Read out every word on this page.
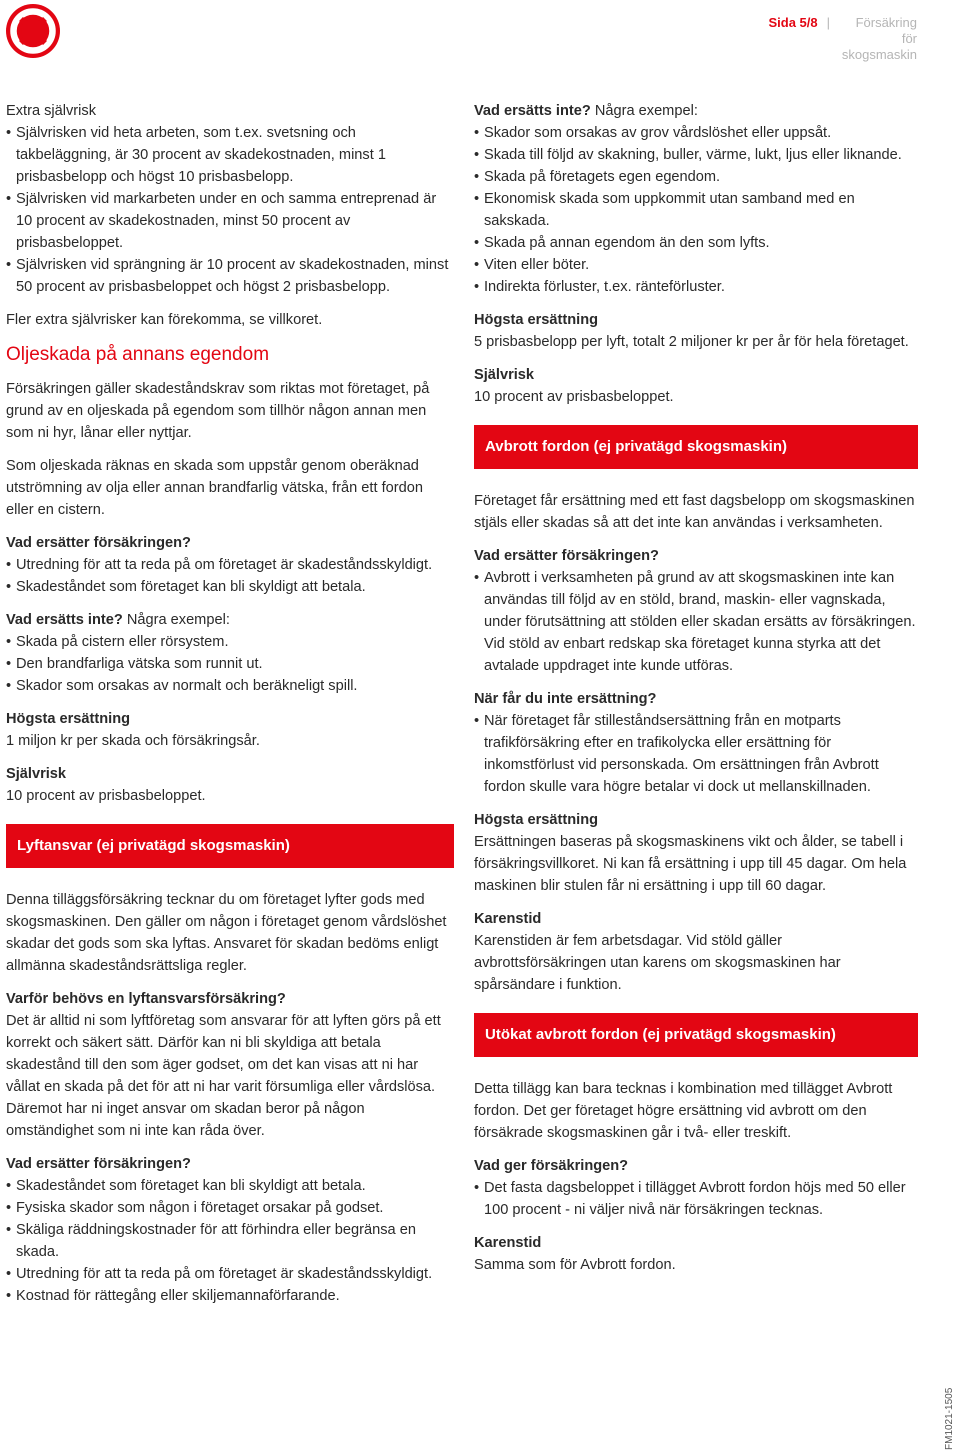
Sida 5/8 |	Försäkring för skogsmaskin

Extra självrisk

• Självrisken vid heta arbeten, som t.ex. svetsning och takbeläggning, är 30 procent av skadekostnaden, minst 1 prisbasbelopp och högst 10 prisbasbelopp.
• Självrisken vid markarbeten under en och samma entreprenad är 10 procent av skadekostnaden, minst 50 procent av prisbasbeloppet.
• Självrisken vid sprängning är 10 procent av skadekostnaden, minst 50 procent av prisbasbeloppet och högst 2 prisbasbelopp.

Fler extra självrisker kan förekomma, se villkoret.

Oljeskada på annans egendom

Försäkringen gäller skadeståndskrav som riktas mot företaget, på grund av en oljeskada på egendom som tillhör någon annan men som ni hyr, lånar eller nyttjar.

Som oljeskada räknas en skada som uppstår genom oberäknad utströmning av olja eller annan brandfarlig vätska, från ett fordon eller en cistern.

Vad ersätter försäkringen?

• Utredning för att ta reda på om företaget är skadeståndsskyldigt.
• Skadeståndet som företaget kan bli skyldigt att betala.

Vad ersätts inte? Några exempel:

• Skada på cistern eller rörsystem.
• Den brandfarliga vätska som runnit ut.
• Skador som orsakas av normalt och beräkneligt spill.

Högsta ersättning

1 miljon kr per skada och försäkringsår.

Självrisk

10 procent av prisbasbeloppet.

Lyftansvar (ej privatägd skogsmaskin)

Denna tilläggsförsäkring tecknar du om företaget lyfter gods med skogsmaskinen. Den gäller om någon i företaget genom vårdslöshet skadar det gods som ska lyftas. Ansvaret för skadan bedöms enligt allmänna skadeståndsrättsliga regler.

Varför behövs en lyftansvarsförsäkring?

Det är alltid ni som lyftföretag som ansvarar för att lyften görs på ett korrekt och säkert sätt. Därför kan ni bli skyldiga att betala skadestånd till den som äger godset, om det kan visas att ni har vållat en skada på det för att ni har varit försumliga eller vårdslösa. Däremot har ni inget ansvar om skadan beror på någon omständighet som ni inte kan råda över.

Vad ersätter försäkringen?

• Skadeståndet som företaget kan bli skyldigt att betala.
• Fysiska skador som någon i företaget orsakar på godset.
• Skäliga räddningskostnader för att förhindra eller begränsa en skada.
• Utredning för att ta reda på om företaget är skadeståndsskyldigt.
• Kostnad för rättegång eller skiljemannaförfarande.

Vad ersätts inte? Några exempel:

• Skador som orsakas av grov vårdslöshet eller uppsåt.
• Skada till följd av skakning, buller, värme, lukt, ljus eller liknande.
• Skada på företagets egen egendom.
• Ekonomisk skada som uppkommit utan samband med en sakskada.
• Skada på annan egendom än den som lyfts.
• Viten eller böter.
• Indirekta förluster, t.ex. ränteförluster.

Högsta ersättning

5 prisbasbelopp per lyft, totalt 2 miljoner kr per år för hela företaget.

Självrisk

10 procent av prisbasbeloppet.

Avbrott fordon (ej privatägd skogsmaskin)

Företaget får ersättning med ett fast dagsbelopp om skogsmaskinen stjäls eller skadas så att det inte kan användas i verksamheten.

Vad ersätter försäkringen?

• Avbrott i verksamheten på grund av att skogsmaskinen inte kan användas till följd av en stöld, brand, maskin- eller vagnskada, under förutsättning att stölden eller skadan ersätts av försäkringen. Vid stöld av enbart redskap ska företaget kunna styrka att det avtalade uppdraget inte kunde utföras.

När får du inte ersättning?

• När företaget får stilleståndsersättning från en motparts trafikförsäkring efter en trafikolycka eller ersättning för inkomstförlust vid personskada. Om ersättningen från Avbrott fordon skulle vara högre betalar vi dock ut mellanskillnaden.

Högsta ersättning

Ersättningen baseras på skogsmaskinens vikt och ålder, se tabell i försäkringsvillkoret. Ni kan få ersättning i upp till 45 dagar. Om hela maskinen blir stulen får ni ersättning i upp till 60 dagar.

Karenstid

Karenstiden är fem arbetsdagar. Vid stöld gäller avbrottsförsäkringen utan karens om skogsmaskinen har spårsändare i funktion.

Utökat avbrott fordon (ej privatägd skogsmaskin)

Detta tillägg kan bara tecknas i kombination med tillägget Avbrott fordon. Det ger företaget högre ersättning vid avbrott om den försäkrade skogsmaskinen går i två- eller treskift.

Vad ger försäkringen?

• Det fasta dagsbeloppet i tillägget Avbrott fordon höjs med 50 eller 100 procent - ni väljer nivå när försäkringen tecknas.

Karenstid

Samma som för Avbrott fordon.

FM1021-1505
